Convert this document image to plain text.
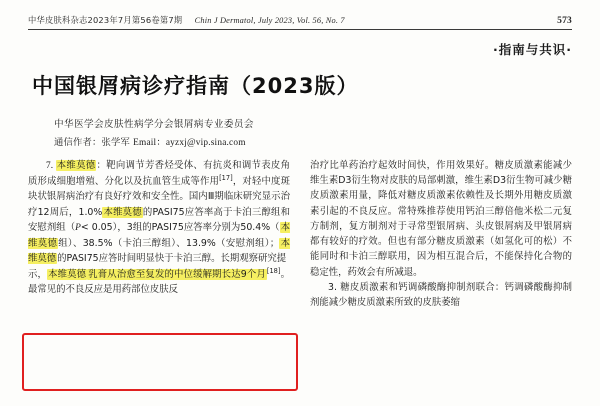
中华皮肤科杂志2023年7月第56卷第7期 Chin J Dermatol, July 2023, Vol. 56, No. 7	573
·指南与共识·
中国银屑病诊疗指南（2023版）
中华医学会皮肤性病学分会银屑病专业委员会
通信作者：张学军 Email：ayzxj@vip.sina.com

7. 本维莫德：靶向调节芳香烃受体、有抗炎和调节表皮角质形成细胞增殖、分化以及抗血管生成等作用[17]，对轻中度斑块状银屑病治疗有良好疗效和安全性。国内Ⅲ期临床研究显示治疗12周后，1.0%本维莫德的PASI75应答率高于卡泊三醇组和安慰剂组（P< 0.05），3组的PASI75应答率分别为50.4%（本维莫德组）、38.5%（卡泊三醇组）、13.9%（安慰剂组）；本维莫德的PASI75应答时间明显快于卡泊三醇。长期观察研究提

示，本维莫德 乳膏从治愈至复发的中位缓解期长达9个月[18]。最常见的不良反应是用药部位皮肤反

治疗比单药治疗起效时间快，作用效果好。糖皮质激素能减少维生素D3衍生物对皮肤的局部刺激，维生素D3衍生物可减少糖皮质激素用量，降低对糖皮质激素依赖性及长期外用糖皮质激素引起的不良反应。常特殊推荐使用钙泊三醇倍他米松二元复方制剂，复方制剂对于寻常型银屑病、头皮银屑病及甲银屑病都有较好的疗效。但也有部分糖皮质激素（如氢化可的松）不能同时和卡泊三醇联用，因为相互混合后，不能保持化合物的稳定性，药效会有所减退。

3. 糖皮质激素和钙调磷酸酶抑制剂联合：钙调磷酸酶抑制剂能减少糖皮质激素所致的皮肤萎缩
